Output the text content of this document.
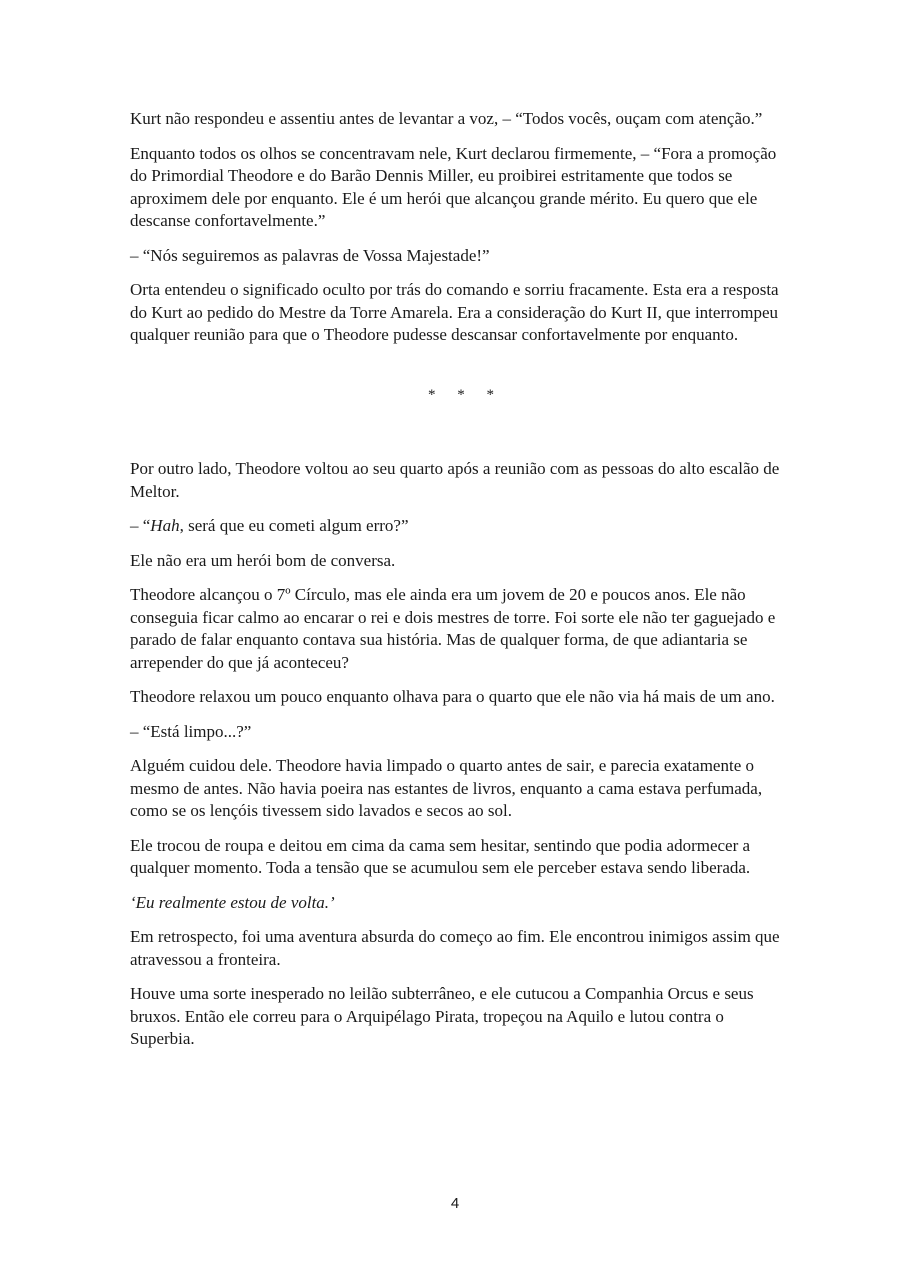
Kurt não respondeu e assentiu antes de levantar a voz, – “Todos vocês, ouçam com atenção.”

Enquanto todos os olhos se concentravam nele, Kurt declarou firmemente, – “Fora a promoção do Primordial Theodore e do Barão Dennis Miller, eu proibirei estritamente que todos se aproximem dele por enquanto. Ele é um herói que alcançou grande mérito. Eu quero que ele descanse confortavelmente.”

– “Nós seguiremos as palavras de Vossa Majestade!”

Orta entendeu o significado oculto por trás do comando e sorriu fracamente. Esta era a resposta do Kurt ao pedido do Mestre da Torre Amarela. Era a consideração do Kurt II, que interrompeu qualquer reunião para que o Theodore pudesse descansar confortavelmente por enquanto.

* * *

Por outro lado, Theodore voltou ao seu quarto após a reunião com as pessoas do alto escalão de Meltor.

– “Hah, será que eu cometi algum erro?”

Ele não era um herói bom de conversa.

Theodore alcançou o 7º Círculo, mas ele ainda era um jovem de 20 e poucos anos. Ele não conseguia ficar calmo ao encarar o rei e dois mestres de torre. Foi sorte ele não ter gaguejado e parado de falar enquanto contava sua história. Mas de qualquer forma, de que adiantaria se arrepender do que já aconteceu?

Theodore relaxou um pouco enquanto olhava para o quarto que ele não via há mais de um ano.

– “Está limpo...?”

Alguém cuidou dele. Theodore havia limpado o quarto antes de sair, e parecia exatamente o mesmo de antes. Não havia poeira nas estantes de livros, enquanto a cama estava perfumada, como se os lençóis tivessem sido lavados e secos ao sol.

Ele trocou de roupa e deitou em cima da cama sem hesitar, sentindo que podia adormecer a qualquer momento. Toda a tensão que se acumulou sem ele perceber estava sendo liberada.

‘Eu realmente estou de volta.’

Em retrospecto, foi uma aventura absurda do começo ao fim. Ele encontrou inimigos assim que atravessou a fronteira.

Houve uma sorte inesperado no leilão subterrâneo, e ele cutucou a Companhia Orcus e seus bruxos. Então ele correu para o Arquipélago Pirata, tropeçou na Aquilo e lutou contra o Superbia.

4
